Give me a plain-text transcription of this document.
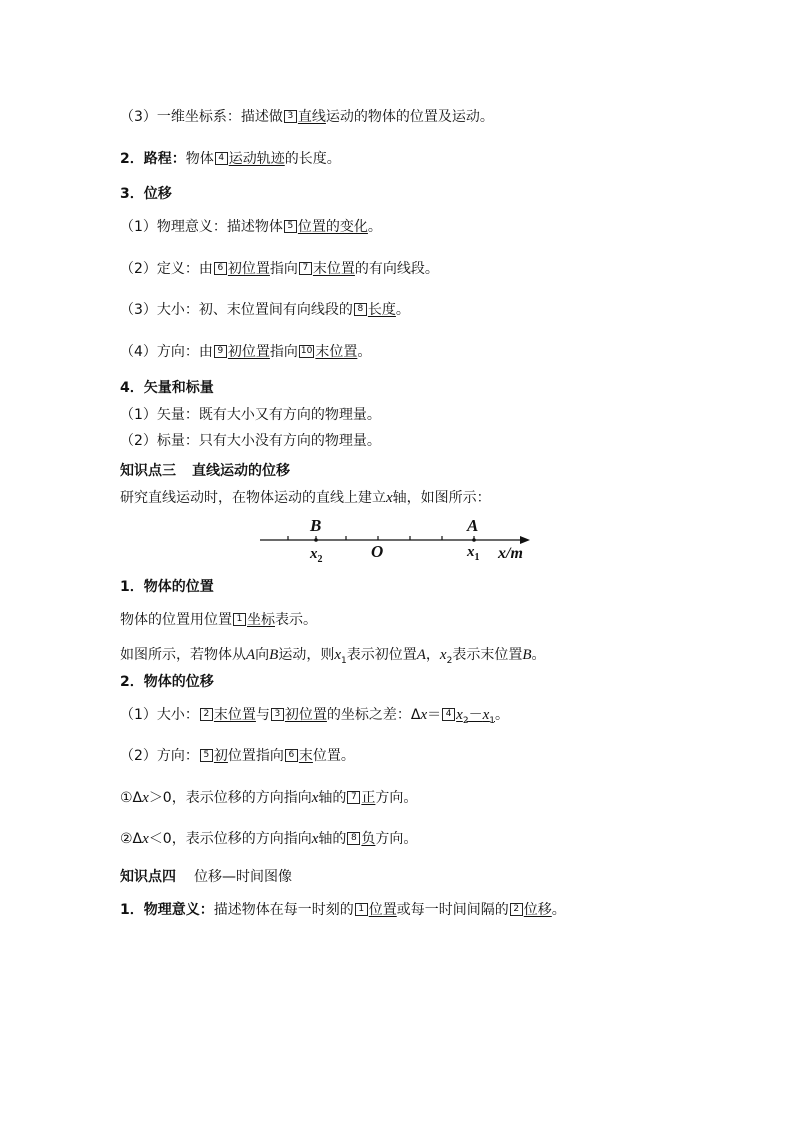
（3）一维坐标系：描述做 3 直线运动的物体的位置及运动。
2．路程：物体 4 运动轨迹的长度。
3．位移
（1）物理意义：描述物体 5 位置的变化。
（2）定义：由 6 初位置指向 7 末位置的有向线段。
（3）大小：初、末位置间有向线段的 8 长度。
（4）方向：由 9 初位置指向 10 末位置。
4．矢量和标量
（1）矢量：既有大小又有方向的物理量。
（2）标量：只有大小没有方向的物理量。
知识点三 直线运动的位移
研究直线运动时，在物体运动的直线上建立x轴，如图所示：
B	A
$x_2$	O	$x_1$ x/m
1．物体的位置
物体的位置用位置 1 坐标表示。
如图所示，若物体从A向B运动，则$x_1$表示初位置A，$x_2$表示末位置B。
2．物体的位移
（1）大小： 2 末位置与 3 初位置的坐标之差：Δx＝ 4 $x_2-x_1$。
（2）方向： 5 初位置指向 6 末位置。
①Δx＞0，表示位移的方向指向x轴的 7 正方向。
②Δx＜0，表示位移的方向指向x轴的 8 负方向。
知识点四 位移—时间图像
1．物理意义：描述物体在每一时刻的 1 位置或每一时间间隔的 2 位移。
